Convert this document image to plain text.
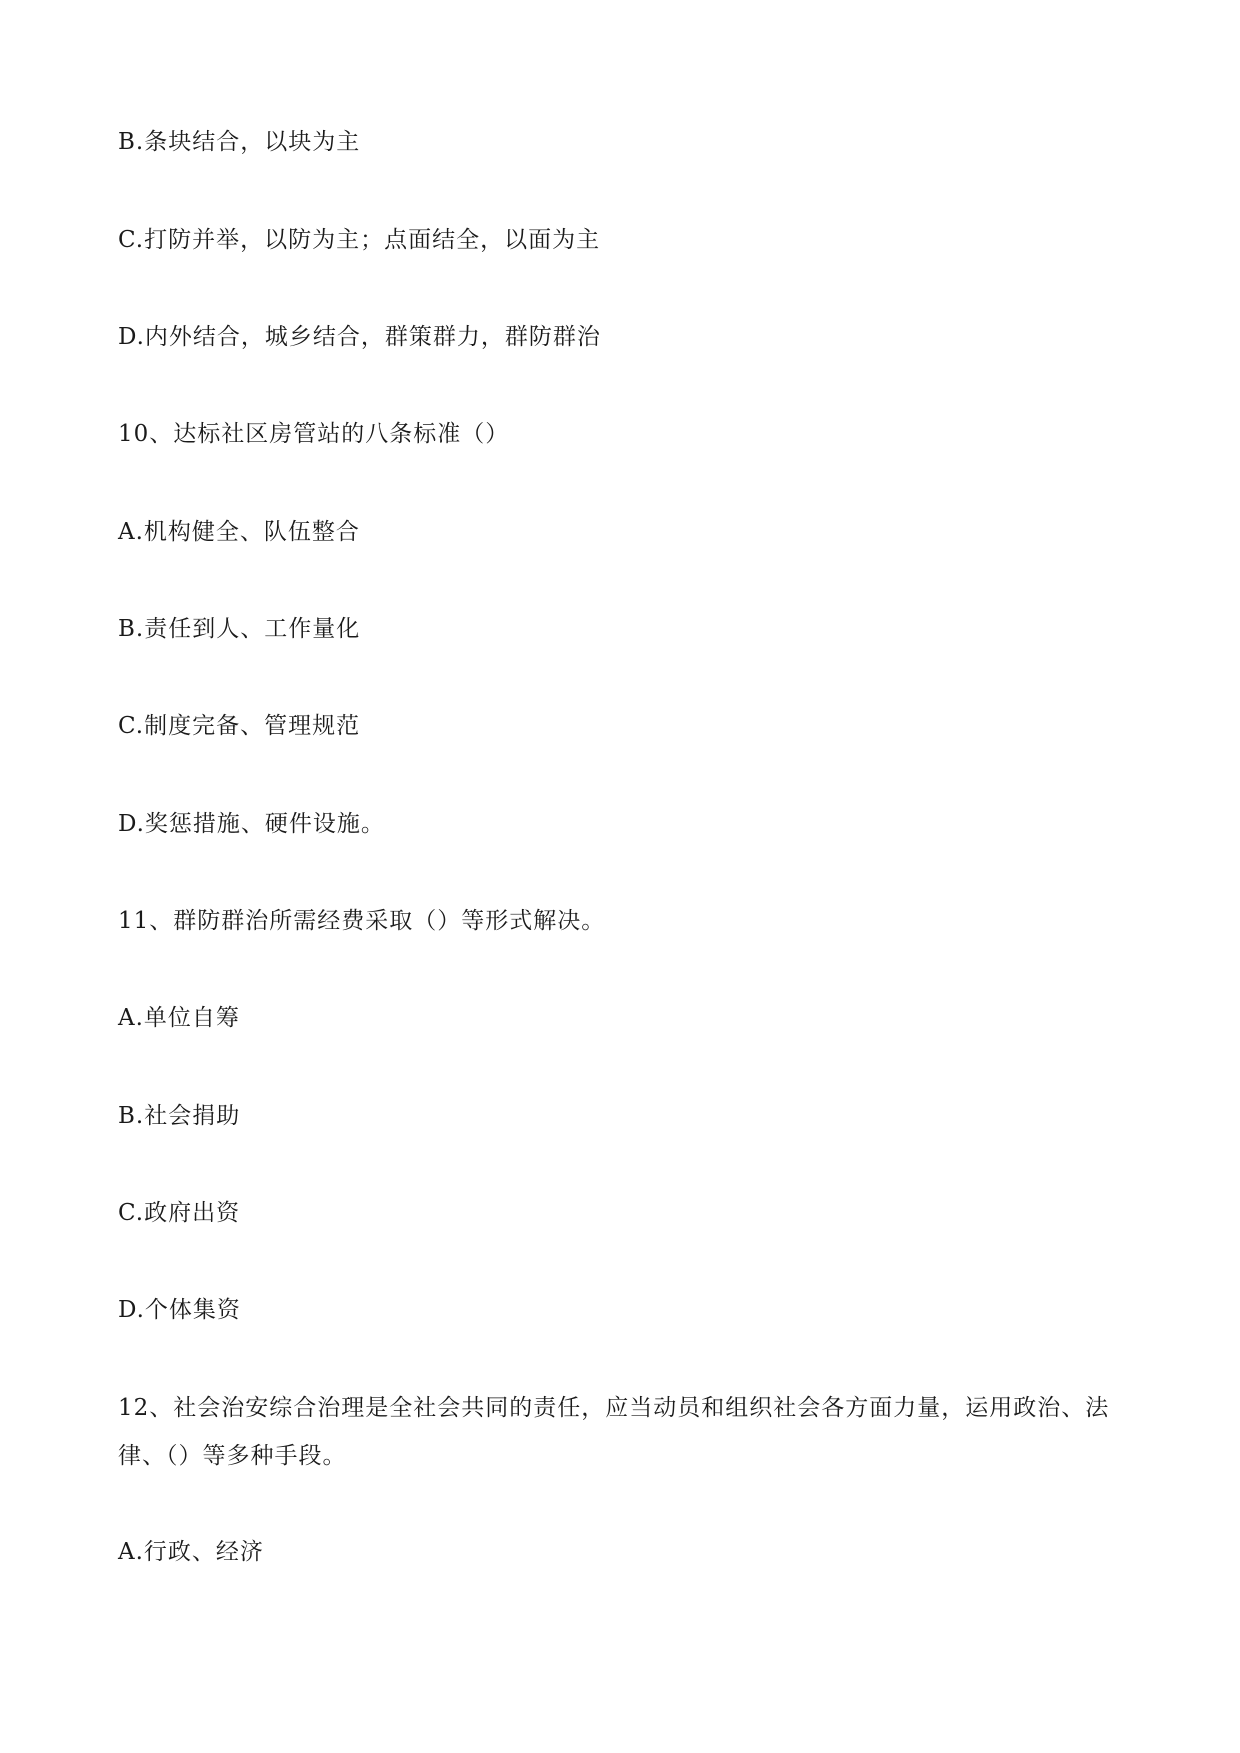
B.条块结合，以块为主
C.打防并举，以防为主；点面结全，以面为主
D.内外结合，城乡结合，群策群力，群防群治
10、达标社区房管站的八条标准（）
A.机构健全、队伍整合
B.责任到人、工作量化
C.制度完备、管理规范
D.奖惩措施、硬件设施。
11、群防群治所需经费采取（）等形式解决。
A.单位自筹
B.社会捐助
C.政府出资
D.个体集资
12、社会治安综合治理是全社会共同的责任，应当动员和组织社会各方面力量，运用政治、法律、（）等多种手段。
A.行政、经济
